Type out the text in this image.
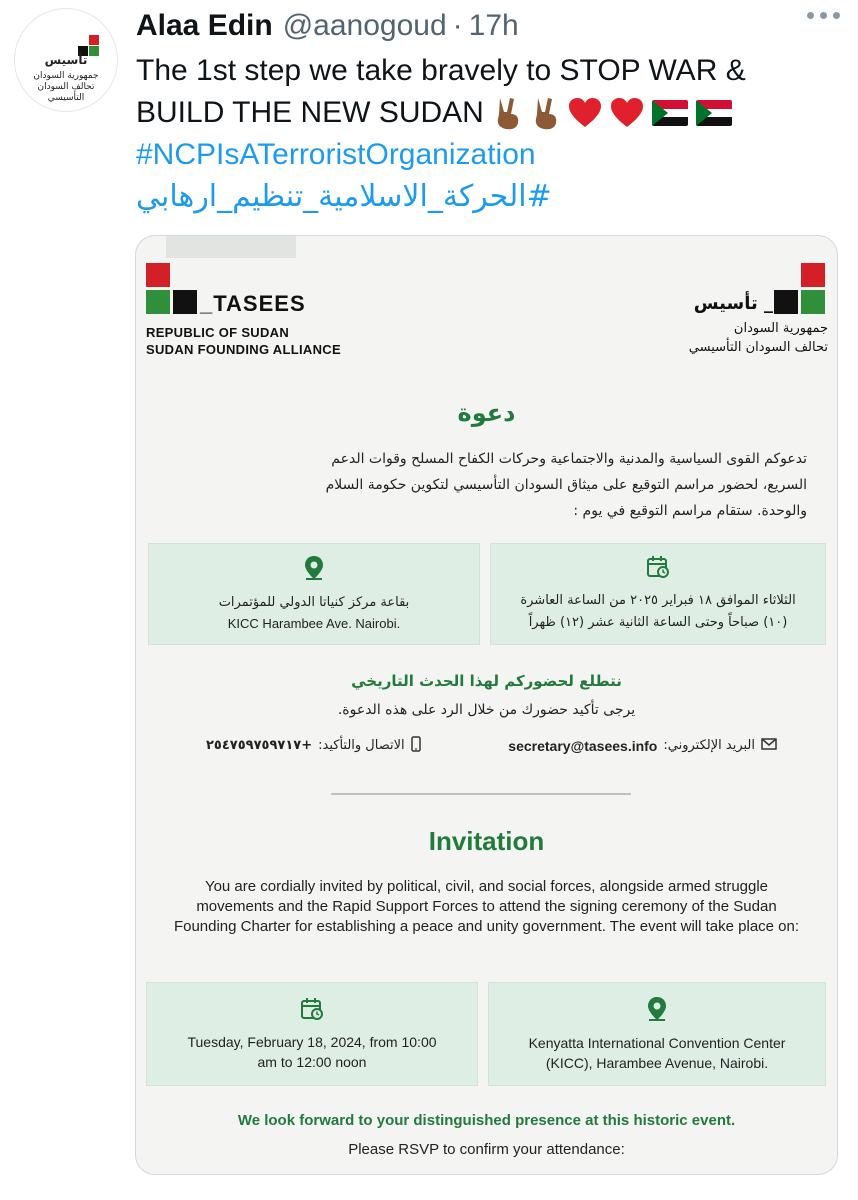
تأسيس
جمهورية السودان
تحالف السودان التأسيسي
Alaa Edin @aanogoud · 17h
The 1st step we take bravely to STOP WAR &
BUILD THE NEW SUDAN
#NCPIsATerroristOrganization
#الحركة_الاسلامية_تنظيم_ارهابي
_TASEES
REPUBLIC OF SUDAN
SUDAN FOUNDING ALLIANCE
_ تأسيس
جمهورية السودان
تحالف السودان التأسيسي
دعوة
تدعوكم القوى السياسية والمدنية والاجتماعية وحركات الكفاح المسلح وقوات الدعم السريع، لحضور مراسم التوقيع على ميثاق السودان التأسيسي لتكوين حكومة السلام والوحدة. ستقام مراسم التوقيع في يوم :
بقاعة مركز كنياتا الدولي للمؤتمرات
KICC Harambee Ave. Nairobi.
الثلاثاء الموافق ١٨ فبراير ٢٠٢٥ من الساعة العاشرة
(١٠) صباحاً وحتى الساعة الثانية عشر (١٢) ظهراً
نتطلع لحضوركم لهذا الحدث التاريخي
يرجى تأكيد حضورك من خلال الرد على هذه الدعوة.
البريد الإلكتروني:
secretary@tasees.info
الاتصال والتأكيد:
+٢٥٤٧٥٩٧٥٩٧١٧
Invitation
You are cordially invited by political, civil, and social forces, alongside armed struggle movements and the Rapid Support Forces to attend the signing ceremony of the Sudan Founding Charter for establishing a peace and unity government. The event will take place on:
Tuesday, February 18, 2024, from 10:00
am to 12:00 noon
Kenyatta International Convention Center
(KICC), Harambee Avenue, Nairobi.
We look forward to your distinguished presence at this historic event.
Please RSVP to confirm your attendance:
